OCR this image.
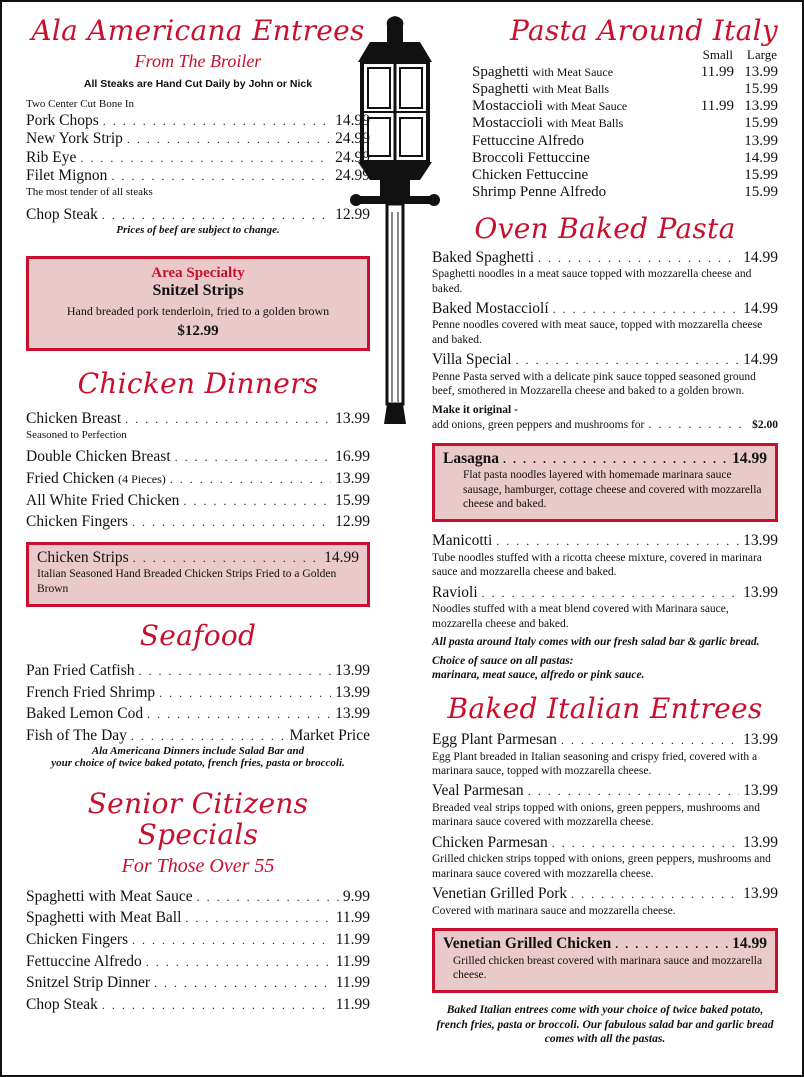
Ala Americana Entrees
From The Broiler
All Steaks are Hand Cut Daily by John or Nick
Two Center Cut Bone In
Pork Chops . . .	14.99
New York Strip . . .	24.99
Rib Eye . . .	24.99
Filet Mignon . . .	24.99
The most tender of all steaks
Chop Steak . . .	12.99
Prices of beef are subject to change.
Area Specialty
Snitzel Strips
Hand breaded pork tenderloin, fried to a golden brown
$12.99
Chicken Dinners
Chicken Breast . . .	13.99
Seasoned to Perfection
Double Chicken Breast . . .	16.99
Fried Chicken (4 Pieces) . . .	13.99
All White Fried Chicken . . .	15.99
Chicken Fingers . . .	12.99
Chicken Strips . . .	14.99
Italian Seasoned Hand Breaded Chicken Strips Fried to a Golden Brown
Seafood
Pan Fried Catfish . . .	13.99
French Fried Shrimp . . .	13.99
Baked Lemon Cod . . .	13.99
Fish of The Day . . .	Market Price
Ala Americana Dinners include Salad Bar and
your choice of twice baked potato, french fries, pasta or broccoli.
Senior Citizens Specials
For Those Over 55
Spaghetti with Meat Sauce . . .	9.99
Spaghetti with Meat Ball . . .	11.99
Chicken Fingers . . .	11.99
Fettuccine Alfredo . . .	11.99
Snitzel Strip Dinner . . .	11.99
Chop Steak . . .	11.99
Pasta Around Italy
	Small	Large
Spaghetti with Meat Sauce	11.99	13.99
Spaghetti with Meat Balls		15.99
Mostaccioli with Meat Sauce	11.99	13.99
Mostaccioli with Meat Balls		15.99
Fettuccine Alfredo		13.99
Broccoli Fettuccine		14.99
Chicken Fettuccine		15.99
Shrimp Penne Alfredo		15.99
Oven Baked Pasta
Baked Spaghetti . . .	14.99
Spaghetti noodles in a meat sauce topped with mozzarella cheese and baked.
Baked Mostacciolí . . .	14.99
Penne noodles covered with meat sauce, topped with mozzarella cheese and baked.
Villa Special . . .	14.99
Penne Pasta served with a delicate pink sauce topped seasoned ground beef, smothered in Mozzarella cheese and baked to a golden brown.
Make it original -
add onions, green peppers and mushrooms for . . .	$2.00
Lasagna . . .	14.99
Flat pasta noodles layered with homemade marinara sauce sausage, hamburger, cottage cheese and covered with mozzarella cheese and baked.
Manicotti . . .	13.99
Tube noodles stuffed with a ricotta cheese mixture, covered in marinara sauce and mozzarella cheese and baked.
Ravioli . . .	13.99
Noodles stuffed with a meat blend covered with Marinara sauce, mozzarella cheese and baked.
All pasta around Italy comes with our fresh salad bar & garlic bread.
Choice of sauce on all pastas:
marinara, meat sauce, alfredo or pink sauce.
Baked Italian Entrees
Egg Plant Parmesan . . .	13.99
Egg Plant breaded in Italian seasoning and crispy fried, covered with a marinara sauce, topped with mozzarella cheese.
Veal Parmesan . . .	13.99
Breaded veal strips topped with onions, green peppers, mushrooms and marinara sauce covered with mozzarella cheese.
Chicken Parmesan . . .	13.99
Grilled chicken strips topped with onions, green peppers, mushrooms and marinara sauce covered with mozzarella cheese.
Venetian Grilled Pork . . .	13.99
Covered with marinara sauce and mozzarella cheese.
Venetian Grilled Chicken . . .	14.99
Grilled chicken breast covered with marinara sauce and mozzarella cheese.
Baked Italian entrees come with your choice of twice baked potato, french fries, pasta or broccoli. Our fabulous salad bar and garlic bread comes with all the pastas.
